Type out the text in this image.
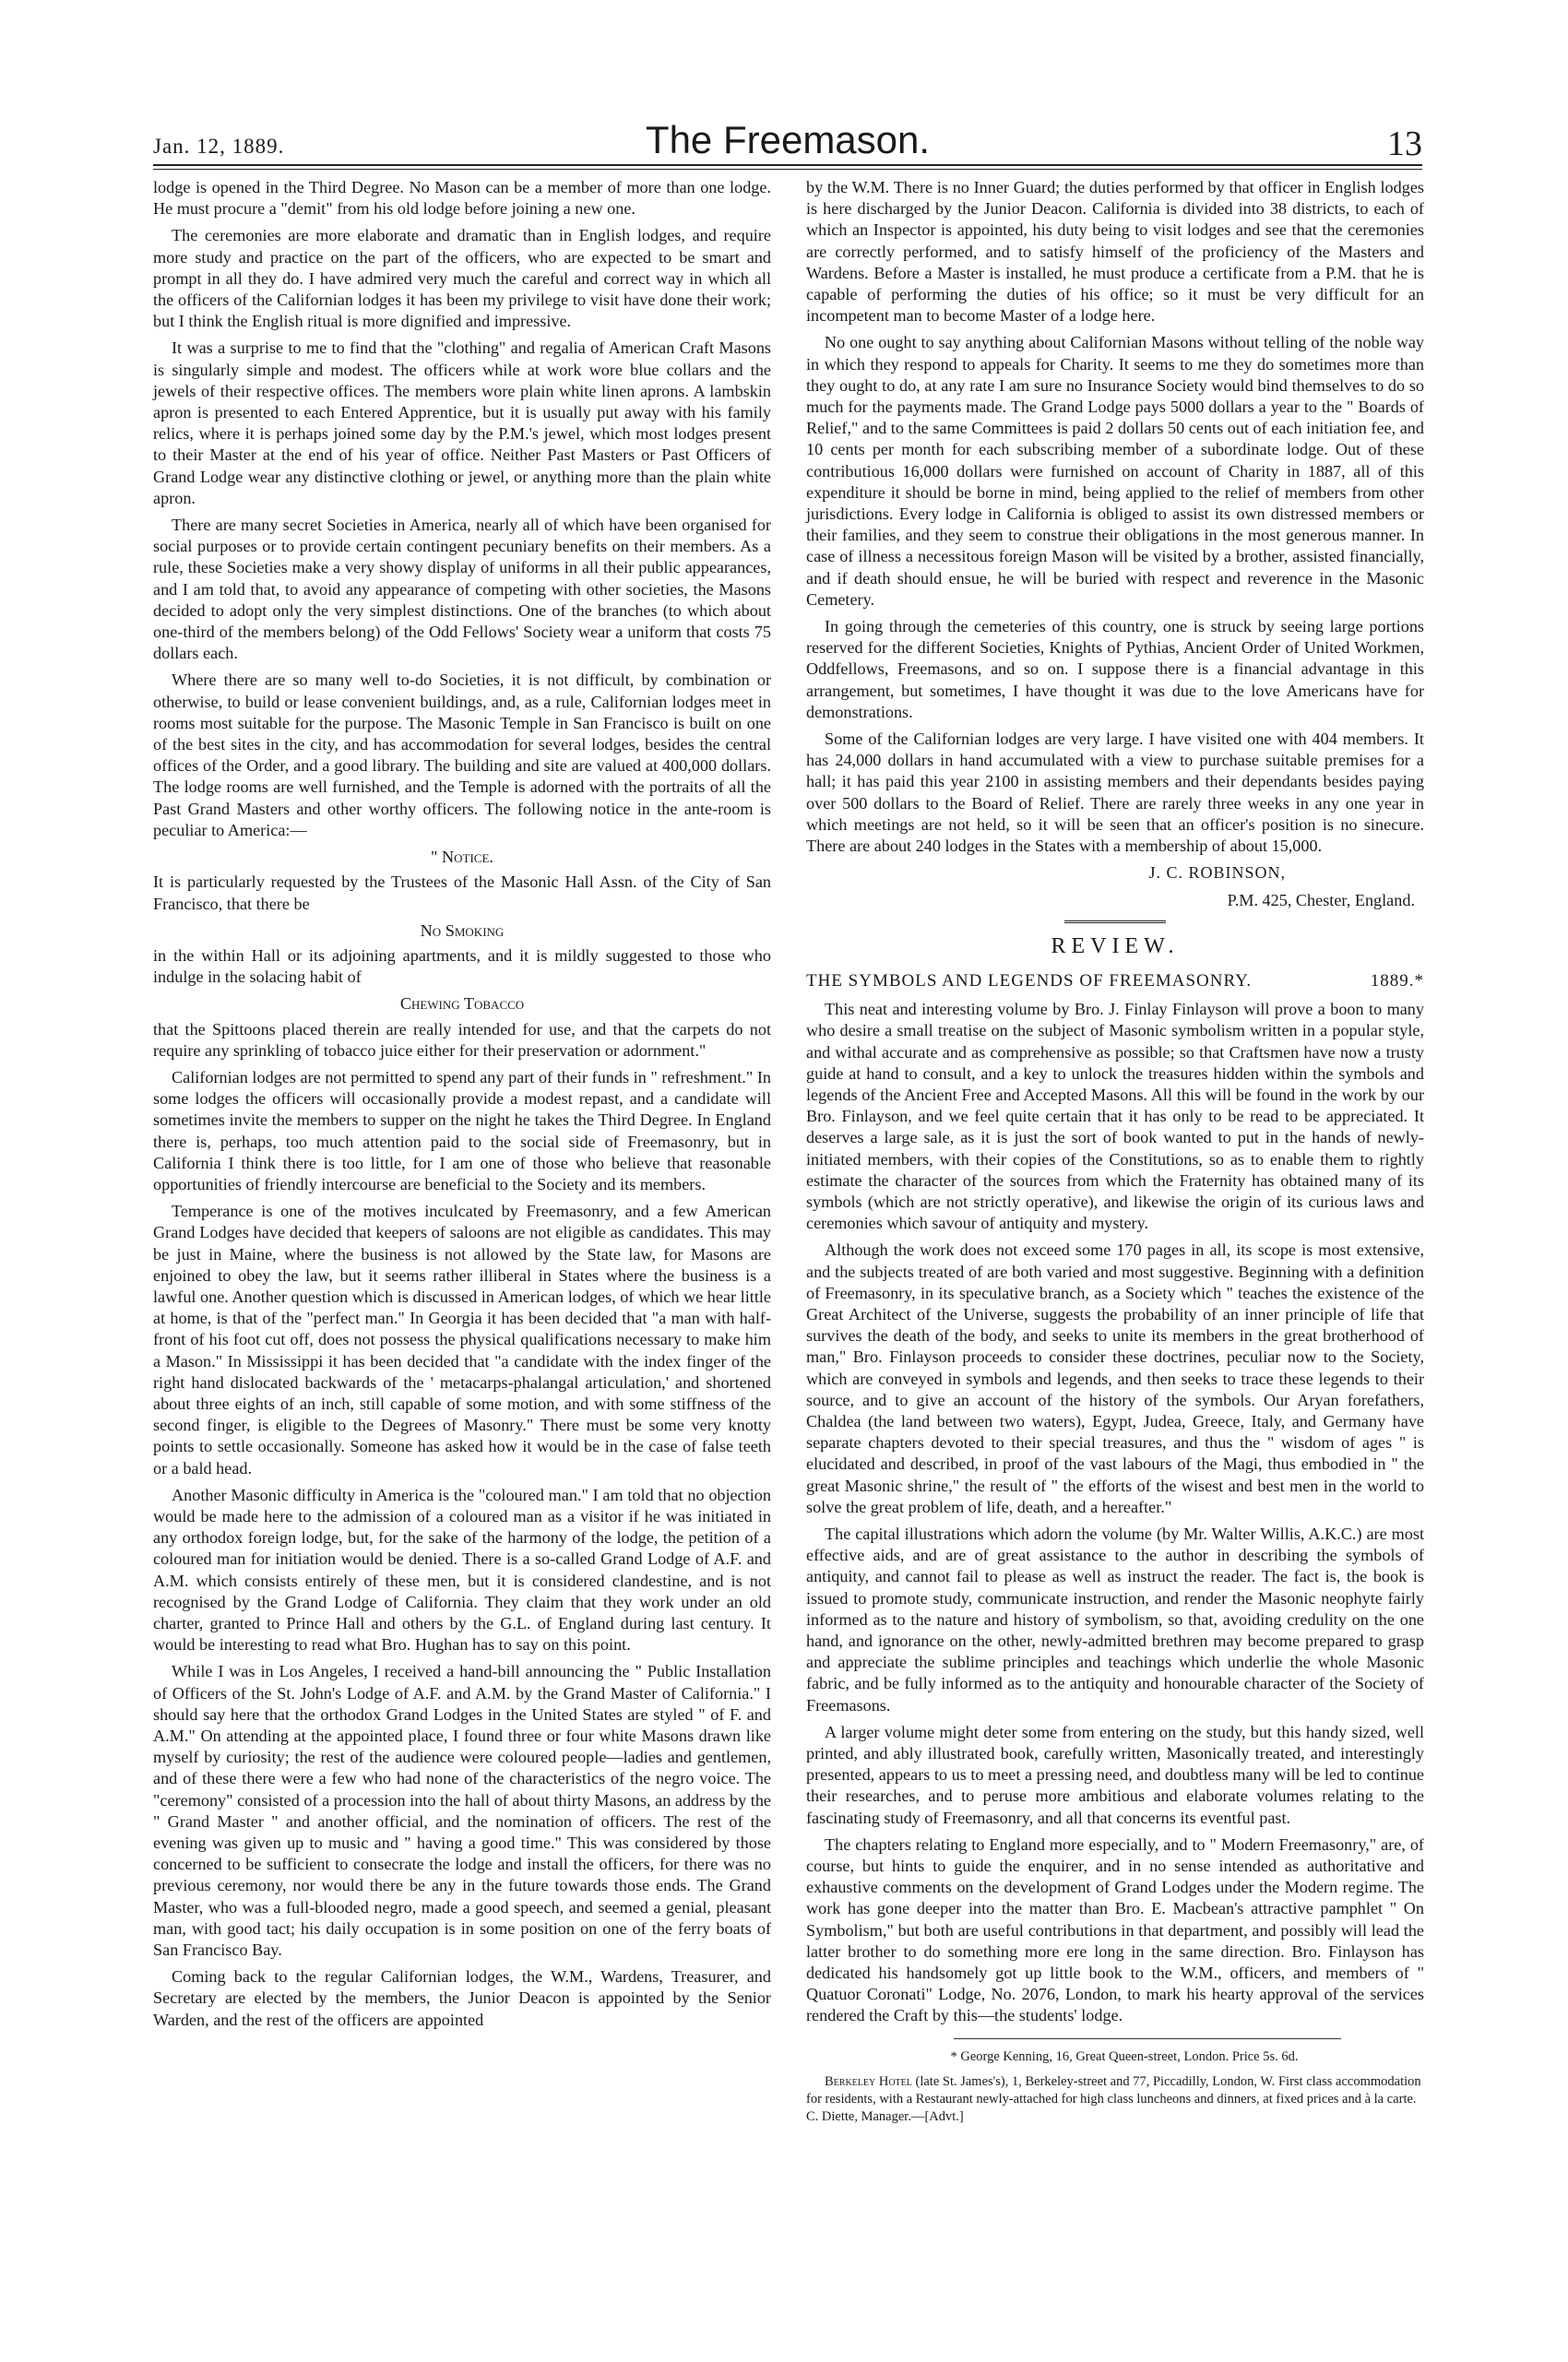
Jan. 12, 1889.	The Freemason.	13

lodge is opened in the Third Degree. No Mason can be a member of more than one lodge. He must procure a "demit" from his old lodge before joining a new one.

The ceremonies are more elaborate and dramatic than in English lodges, and require more study and practice on the part of the officers, who are expected to be smart and prompt in all they do. I have admired very much the careful and correct way in which all the officers of the Californian lodges it has been my privilege to visit have done their work; but I think the English ritual is more dignified and impressive.

It was a surprise to me to find that the "clothing" and regalia of American Craft Masons is singularly simple and modest. The officers while at work wore blue collars and the jewels of their respective offices. The members wore plain white linen aprons. A lambskin apron is presented to each Entered Apprentice, but it is usually put away with his family relics, where it is perhaps joined some day by the P.M.'s jewel, which most lodges present to their Master at the end of his year of office. Neither Past Masters or Past Officers of Grand Lodge wear any distinctive clothing or jewel, or anything more than the plain white apron.

There are many secret Societies in America, nearly all of which have been organised for social purposes or to provide certain contingent pecuniary benefits on their members. As a rule, these Societies make a very showy display of uniforms in all their public appearances, and I am told that, to avoid any appearance of competing with other societies, the Masons decided to adopt only the very simplest distinctions. One of the branches (to which about one-third of the members belong) of the Odd Fellows' Society wear a uniform that costs 75 dollars each.

Where there are so many well to-do Societies, it is not difficult, by combination or otherwise, to build or lease convenient buildings, and, as a rule, Californian lodges meet in rooms most suitable for the purpose. The Masonic Temple in San Francisco is built on one of the best sites in the city, and has accommodation for several lodges, besides the central offices of the Order, and a good library. The building and site are valued at 400,000 dollars. The lodge rooms are well furnished, and the Temple is adorned with the portraits of all the Past Grand Masters and other worthy officers. The following notice in the ante-room is peculiar to America:—

" Notice.

It is particularly requested by the Trustees of the Masonic Hall Assn. of the City of San Francisco, that there be

No Smoking

in the within Hall or its adjoining apartments, and it is mildly suggested to those who indulge in the solacing habit of

Chewing Tobacco

that the Spittoons placed therein are really intended for use, and that the carpets do not require any sprinkling of tobacco juice either for their preservation or adornment."

Californian lodges are not permitted to spend any part of their funds in " refreshment." In some lodges the officers will occasionally provide a modest repast, and a candidate will sometimes invite the members to supper on the night he takes the Third Degree. In England there is, perhaps, too much attention paid to the social side of Freemasonry, but in California I think there is too little, for I am one of those who believe that reasonable opportunities of friendly intercourse are beneficial to the Society and its members.

Temperance is one of the motives inculcated by Freemasonry, and a few American Grand Lodges have decided that keepers of saloons are not eligible as candidates. This may be just in Maine, where the business is not allowed by the State law, for Masons are enjoined to obey the law, but it seems rather illiberal in States where the business is a lawful one. Another question which is discussed in American lodges, of which we hear little at home, is that of the "perfect man." In Georgia it has been decided that "a man with half-front of his foot cut off, does not possess the physical qualifications necessary to make him a Mason." In Mississippi it has been decided that "a candidate with the index finger of the right hand dislocated backwards of the ' metacarps-phalangal articulation,' and shortened about three eights of an inch, still capable of some motion, and with some stiffness of the second finger, is eligible to the Degrees of Masonry." There must be some very knotty points to settle occasionally. Someone has asked how it would be in the case of false teeth or a bald head.

Another Masonic difficulty in America is the "coloured man." I am told that no objection would be made here to the admission of a coloured man as a visitor if he was initiated in any orthodox foreign lodge, but, for the sake of the harmony of the lodge, the petition of a coloured man for initiation would be denied. There is a so-called Grand Lodge of A.F. and A.M. which consists entirely of these men, but it is considered clandestine, and is not recognised by the Grand Lodge of California. They claim that they work under an old charter, granted to Prince Hall and others by the G.L. of England during last century. It would be interesting to read what Bro. Hughan has to say on this point.

While I was in Los Angeles, I received a hand-bill announcing the " Public Installation of Officers of the St. John's Lodge of A.F. and A.M. by the Grand Master of California." I should say here that the orthodox Grand Lodges in the United States are styled " of F. and A.M." On attending at the appointed place, I found three or four white Masons drawn like myself by curiosity; the rest of the audience were coloured people—ladies and gentlemen, and of these there were a few who had none of the characteristics of the negro voice. The "ceremony" consisted of a procession into the hall of about thirty Masons, an address by the " Grand Master " and another official, and the nomination of officers. The rest of the evening was given up to music and " having a good time." This was considered by those concerned to be sufficient to consecrate the lodge and install the officers, for there was no previous ceremony, nor would there be any in the future towards those ends. The Grand Master, who was a full-blooded negro, made a good speech, and seemed a genial, pleasant man, with good tact; his daily occupation is in some position on one of the ferry boats of San Francisco Bay.

Coming back to the regular Californian lodges, the W.M., Wardens, Treasurer, and Secretary are elected by the members, the Junior Deacon is appointed by the Senior Warden, and the rest of the officers are appointed

by the W.M. There is no Inner Guard; the duties performed by that officer in English lodges is here discharged by the Junior Deacon. California is divided into 38 districts, to each of which an Inspector is appointed, his duty being to visit lodges and see that the ceremonies are correctly performed, and to satisfy himself of the proficiency of the Masters and Wardens. Before a Master is installed, he must produce a certificate from a P.M. that he is capable of performing the duties of his office; so it must be very difficult for an incompetent man to become Master of a lodge here.

No one ought to say anything about Californian Masons without telling of the noble way in which they respond to appeals for Charity. It seems to me they do sometimes more than they ought to do, at any rate I am sure no Insurance Society would bind themselves to do so much for the payments made. The Grand Lodge pays 5000 dollars a year to the " Boards of Relief," and to the same Committees is paid 2 dollars 50 cents out of each initiation fee, and 10 cents per month for each subscribing member of a subordinate lodge. Out of these contributious 16,000 dollars were furnished on account of Charity in 1887, all of this expenditure it should be borne in mind, being applied to the relief of members from other jurisdictions. Every lodge in California is obliged to assist its own distressed members or their families, and they seem to construe their obligations in the most generous manner. In case of illness a necessitous foreign Mason will be visited by a brother, assisted financially, and if death should ensue, he will be buried with respect and reverence in the Masonic Cemetery.

In going through the cemeteries of this country, one is struck by seeing large portions reserved for the different Societies, Knights of Pythias, Ancient Order of United Workmen, Oddfellows, Freemasons, and so on. I suppose there is a financial advantage in this arrangement, but sometimes, I have thought it was due to the love Americans have for demonstrations.

Some of the Californian lodges are very large. I have visited one with 404 members. It has 24,000 dollars in hand accumulated with a view to purchase suitable premises for a hall; it has paid this year 2100 in assisting members and their dependants besides paying over 500 dollars to the Board of Relief. There are rarely three weeks in any one year in which meetings are not held, so it will be seen that an officer's position is no sinecure. There are about 240 lodges in the States with a membership of about 15,000.

J. C. ROBINSON,

P.M. 425, Chester, England.

REVIEW.
THE SYMBOLS AND LEGENDS OF FREEMASONRY.	1889.*

This neat and interesting volume by Bro. J. Finlay Finlayson will prove a boon to many who desire a small treatise on the subject of Masonic symbolism written in a popular style, and withal accurate and as comprehensive as possible; so that Craftsmen have now a trusty guide at hand to consult, and a key to unlock the treasures hidden within the symbols and legends of the Ancient Free and Accepted Masons. All this will be found in the work by our Bro. Finlayson, and we feel quite certain that it has only to be read to be appreciated. It deserves a large sale, as it is just the sort of book wanted to put in the hands of newly-initiated members, with their copies of the Constitutions, so as to enable them to rightly estimate the character of the sources from which the Fraternity has obtained many of its symbols (which are not strictly operative), and likewise the origin of its curious laws and ceremonies which savour of antiquity and mystery.

Although the work does not exceed some 170 pages in all, its scope is most extensive, and the subjects treated of are both varied and most suggestive. Beginning with a definition of Freemasonry, in its speculative branch, as a Society which " teaches the existence of the Great Architect of the Universe, suggests the probability of an inner principle of life that survives the death of the body, and seeks to unite its members in the great brotherhood of man," Bro. Finlayson proceeds to consider these doctrines, peculiar now to the Society, which are conveyed in symbols and legends, and then seeks to trace these legends to their source, and to give an account of the history of the symbols. Our Aryan forefathers, Chaldea (the land between two waters), Egypt, Judea, Greece, Italy, and Germany have separate chapters devoted to their special treasures, and thus the " wisdom of ages " is elucidated and described, in proof of the vast labours of the Magi, thus embodied in " the great Masonic shrine," the result of " the efforts of the wisest and best men in the world to solve the great problem of life, death, and a hereafter."

The capital illustrations which adorn the volume (by Mr. Walter Willis, A.K.C.) are most effective aids, and are of great assistance to the author in describing the symbols of antiquity, and cannot fail to please as well as instruct the reader. The fact is, the book is issued to promote study, communicate instruction, and render the Masonic neophyte fairly informed as to the nature and history of symbolism, so that, avoiding credulity on the one hand, and ignorance on the other, newly-admitted brethren may become prepared to grasp and appreciate the sublime principles and teachings which underlie the whole Masonic fabric, and be fully informed as to the antiquity and honourable character of the Society of Freemasons.

A larger volume might deter some from entering on the study, but this handy sized, well printed, and ably illustrated book, carefully written, Masonically treated, and interestingly presented, appears to us to meet a pressing need, and doubtless many will be led to continue their researches, and to peruse more ambitious and elaborate volumes relating to the fascinating study of Freemasonry, and all that concerns its eventful past.

The chapters relating to England more especially, and to " Modern Freemasonry," are, of course, but hints to guide the enquirer, and in no sense intended as authoritative and exhaustive comments on the development of Grand Lodges under the Modern regime. The work has gone deeper into the matter than Bro. E. Macbean's attractive pamphlet " On Symbolism," but both are useful contributions in that department, and possibly will lead the latter brother to do something more ere long in the same direction. Bro. Finlayson has dedicated his handsomely got up little book to the W.M., officers, and members of " Quatuor Coronati" Lodge, No. 2076, London, to mark his hearty approval of the services rendered the Craft by this—the students' lodge.

* George Kenning, 16, Great Queen-street, London. Price 5s. 6d.

Berkeley Hotel (late St. James's), 1, Berkeley-street and 77, Piccadilly, London, W. First class accommodation for residents, with a Restaurant newly-attached for high class luncheons and dinners, at fixed prices and à la carte. C. Diette, Manager.—[Advt.]
